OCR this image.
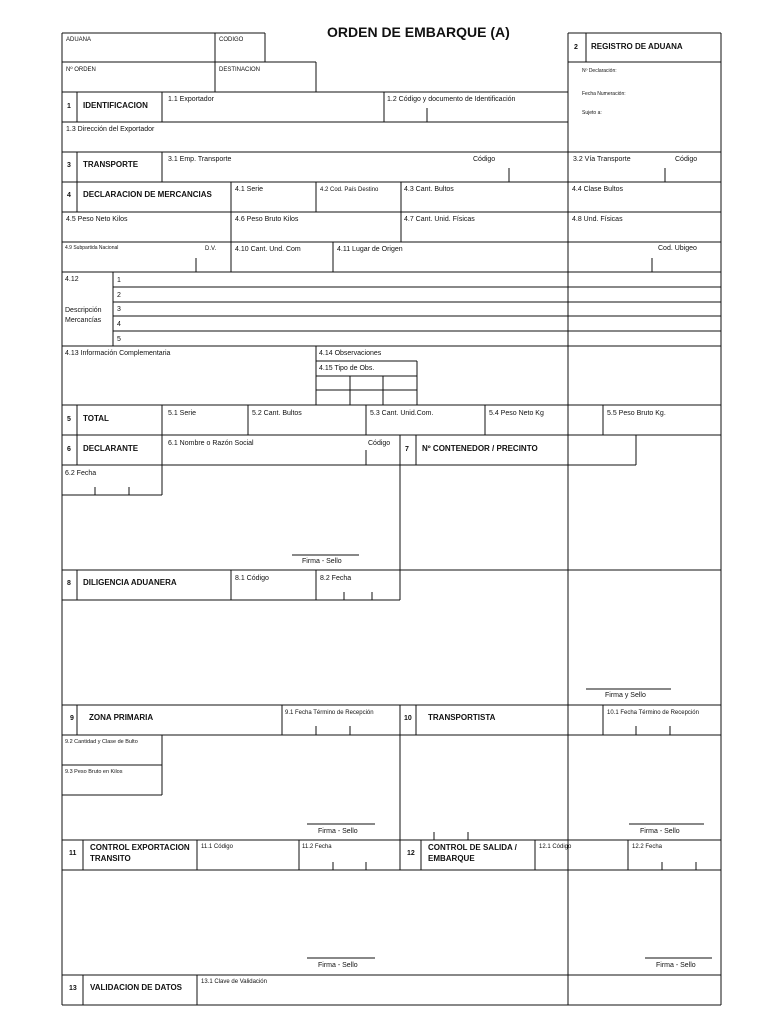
ORDEN DE EMBARQUE (A)
ADUANA	CODIGO
Nº ORDEN	DESTINACION
2 REGISTRO DE ADUANA
Nº Declaración:
Fecha Numeración:
Sujeto a:
1 IDENTIFICACION
1.1 Exportador	1.2 Código y documento de Identificación
1.3 Dirección del Exportador
3 TRANSPORTE
3.1 Emp. Transporte	Código	3.2 Vía Transporte	Código
4 DECLARACION DE MERCANCIAS
4.1 Serie	4.2 Cod. País Destino	4.3 Cant. Bultos	4.4 Clase Bultos
4.5 Peso Neto Kilos	4.6 Peso Bruto Kilos	4.7 Cant. Unid. Físicas	4.8 Und. Físicas
4.9 Subpartida Nacional	D.V.	4.10 Cant. Und. Com	4.11 Lugar de Origen	Cod. Ubigeo
4.12
Descripción
Mercancías
1
2
3
4
5
4.13 Información Complementaria	4.14 Observaciones
4.15 Tipo de Obs.
5 TOTAL
5.1 Serie	5.2 Cant. Bultos	5.3 Cant. Unid.Com.	5.4 Peso Neto Kg	5.5 Peso Bruto Kg.
6 DECLARANTE
6.1 Nombre o Razón Social	Código
6.2 Fecha
Firma - Sello
7 Nº CONTENEDOR / PRECINTO
8 DILIGENCIA ADUANERA	8.1 Código	8.2 Fecha
Firma y Sello
9 ZONA PRIMARIA	9.1 Fecha Término de Recepción
9.2 Cantidad y Clase de Bulto
9.3 Peso Bruto en Kilos
Firma - Sello
10 TRANSPORTISTA	10.1 Fecha Término de Recepción
Firma - Sello
11
CONTROL EXPORTACION
TRANSITO
11.1 Código	11.2 Fecha
Firma - Sello
12
CONTROL DE SALIDA /
EMBARQUE
12.1 Código	12.2 Fecha
Firma - Sello
13 VALIDACION DE DATOS
13.1 Clave de Validación
